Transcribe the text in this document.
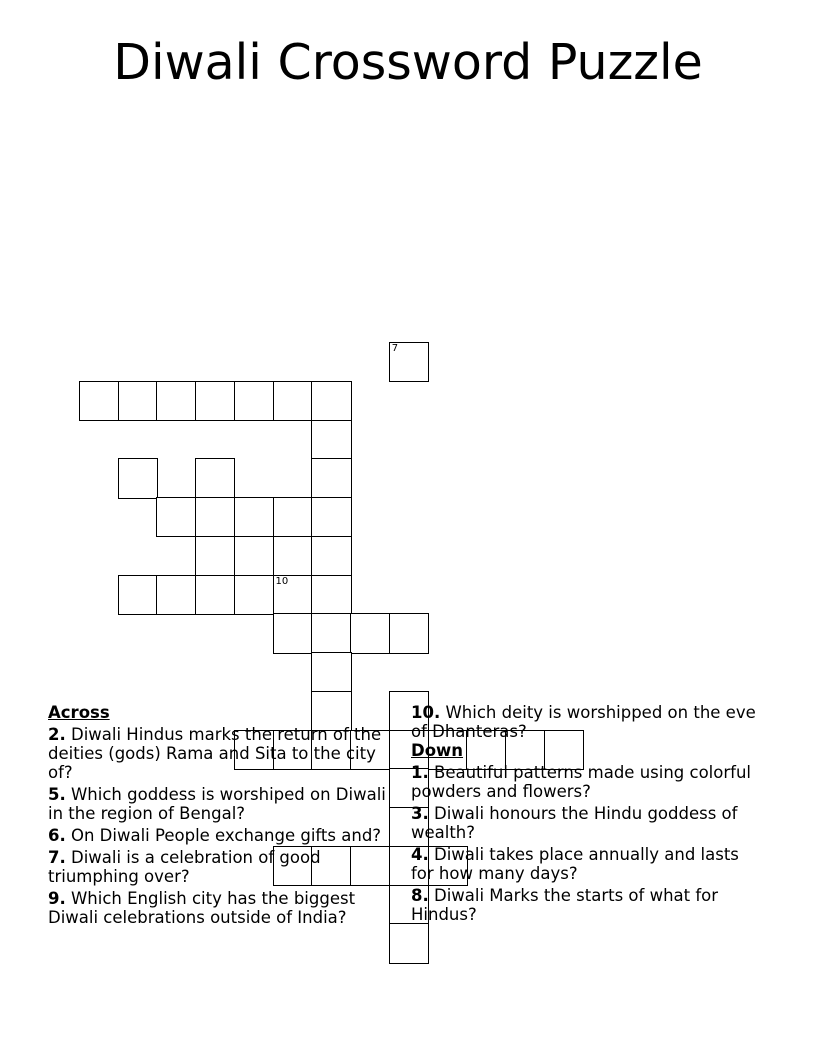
Diwali Crossword Puzzle
7
10

Across

2. Diwali Hindus marks the return of the deities (gods) Rama and Sita to the city of?

5. Which goddess is worshiped on Diwali in the region of Bengal?

6. On Diwali People exchange gifts and?

7. Diwali is a celebration of good triumphing over?

9. Which English city has the biggest Diwali celebrations outside of India?

10. Which deity is worshipped on the eve of Dhanteras?

Down

1. Beautiful patterns made using colorful powders and flowers?

3. Diwali honours the Hindu goddess of wealth?

4. Diwali takes place annually and lasts for how many days?

8. Diwali Marks the starts of what for Hindus?
